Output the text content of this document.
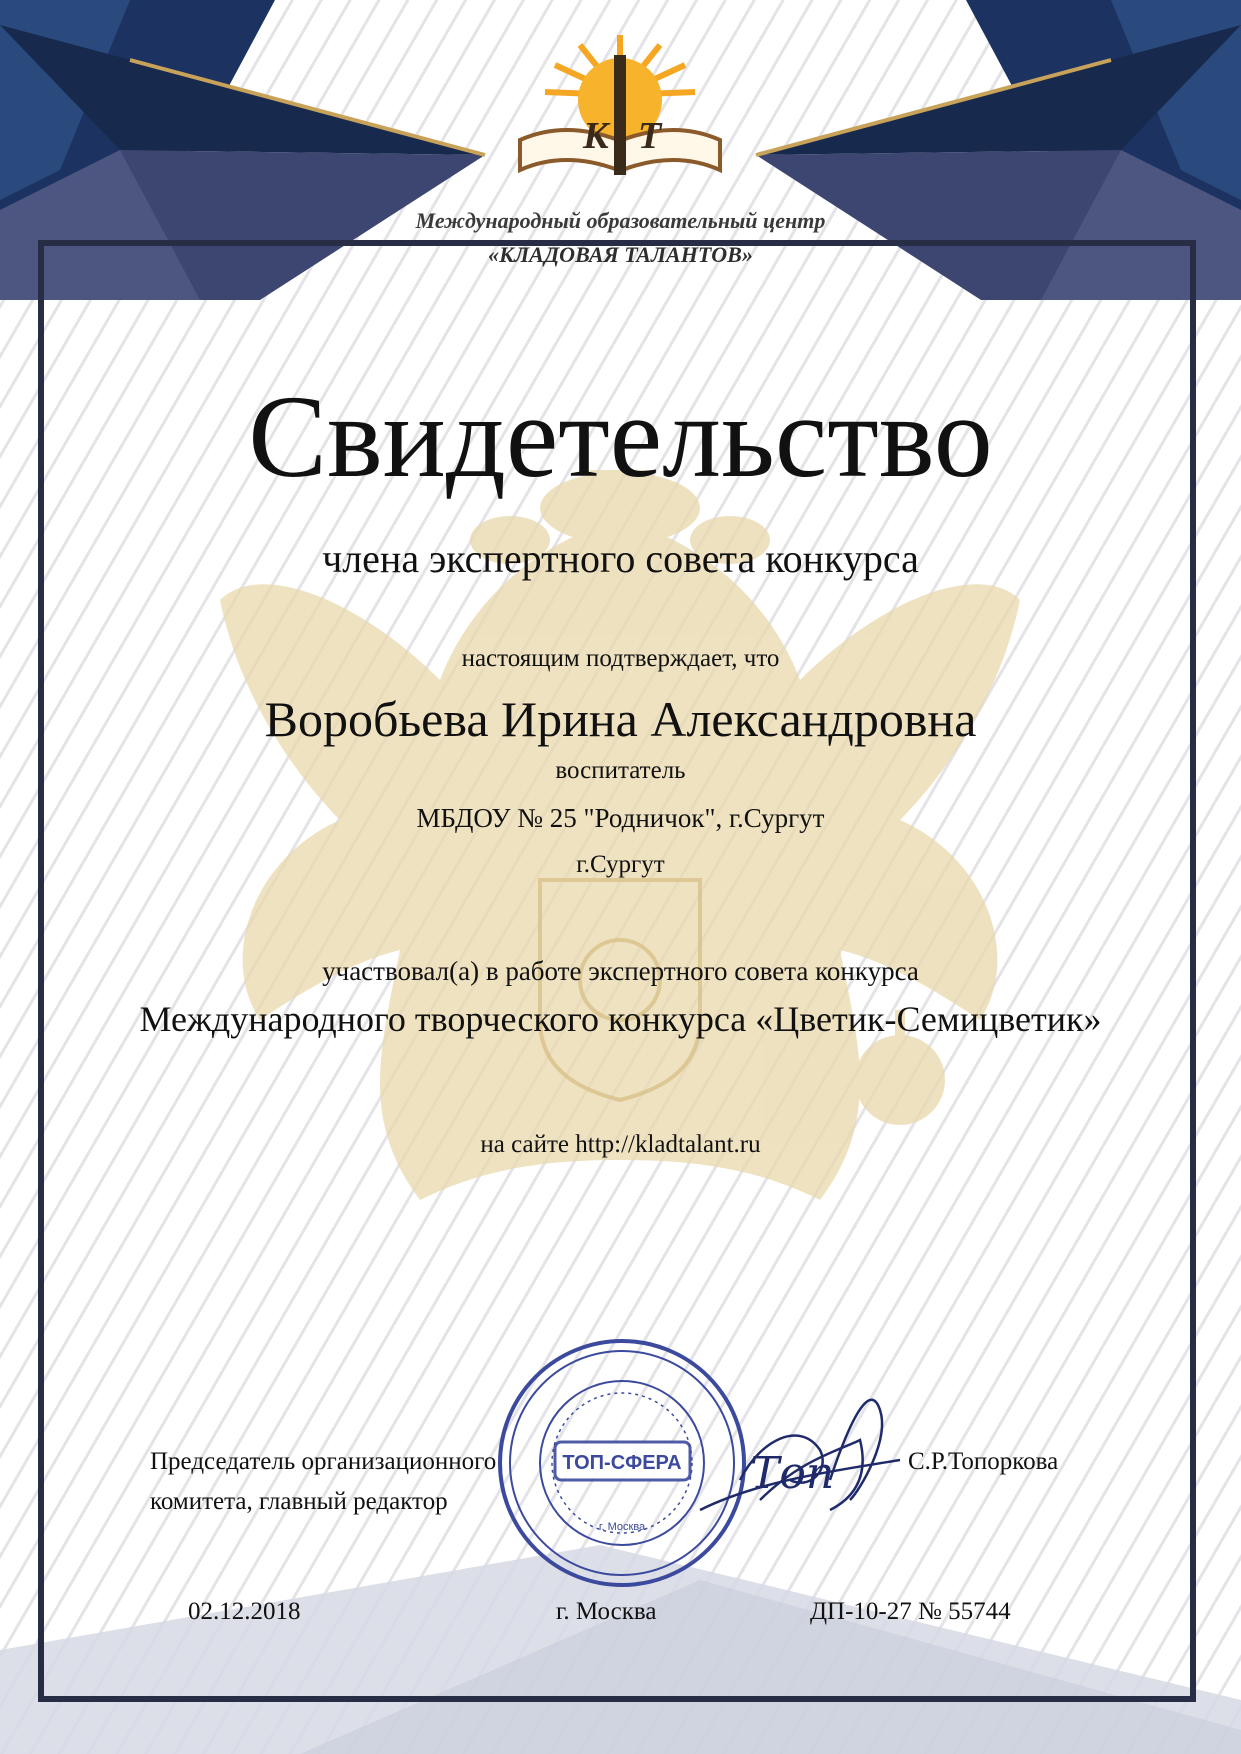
К Т
ТОП-СФЕРА
г. Москва
Топ
Международный образовательный центр
«КЛАДОВАЯ ТАЛАНТОВ»
Свидетельство
члена экспертного совета конкурса
настоящим подтверждает, что
Воробьева Ирина Александровна
воспитатель
МБДОУ № 25 "Родничок", г.Сургут
г.Сургут
участвовал(а) в работе экспертного совета конкурса
Международного творческого конкурса «Цветик-Семицветик»
на сайте http://kladtalant.ru
Председатель организационного
комитета, главный редактор
С.Р.Топоркова
02.12.2018	г. Москва	ДП-10-27 № 55744
